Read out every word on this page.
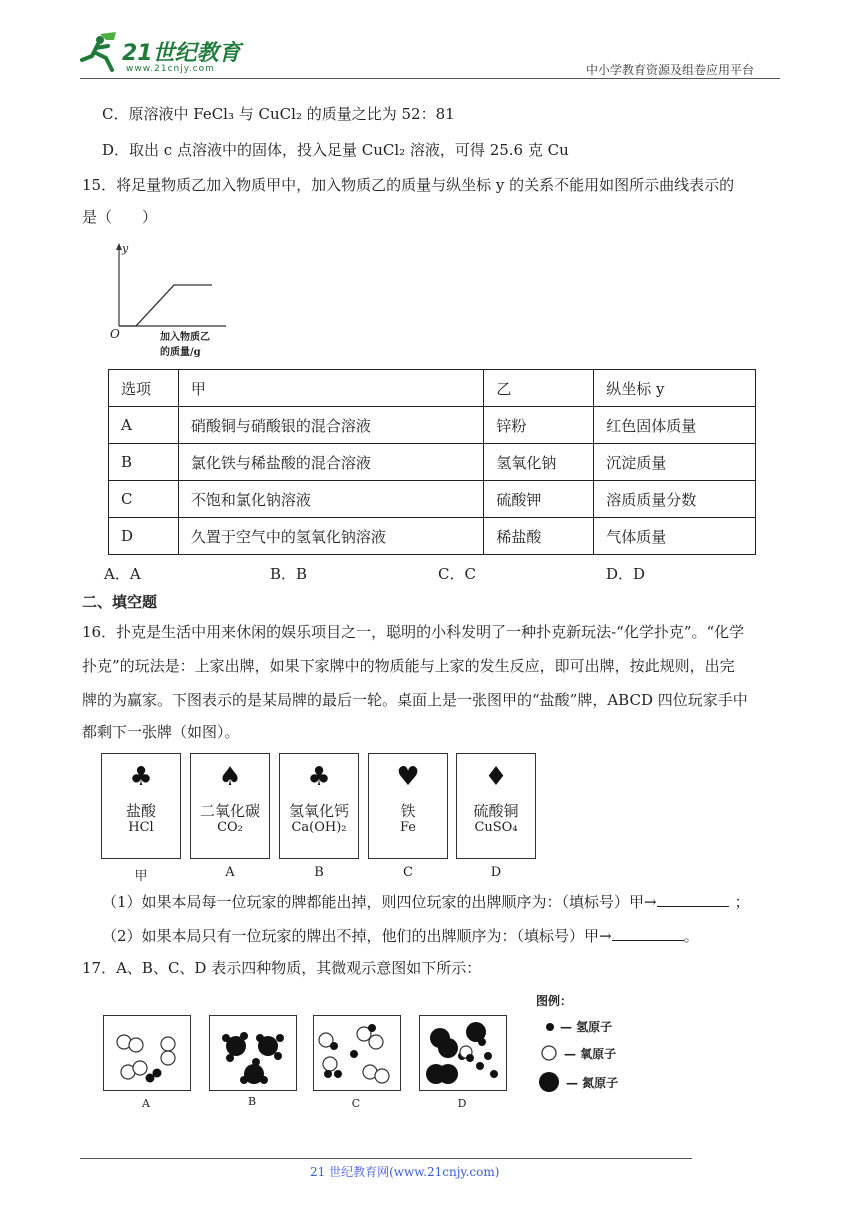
21世纪教育
www.21cnjy.com	中小学教育资源及组卷应用平台
C．原溶液中 FeCl₃ 与 CuCl₂ 的质量之比为 52：81
D．取出 c 点溶液中的固体，投入足量 CuCl₂ 溶液，可得 25.6 克 Cu
15．将足量物质乙加入物质甲中，加入物质乙的质量与纵坐标 y 的关系不能用如图所示曲线表示的
是（　　）
y
O	加入物质乙
的质量/g
选项	甲	乙	纵坐标 y
A	硝酸铜与硝酸银的混合溶液	锌粉	红色固体质量
B	氯化铁与稀盐酸的混合溶液	氢氧化钠	沉淀质量
C	不饱和氯化钠溶液	硫酸钾	溶质质量分数
D	久置于空气中的氢氧化钠溶液	稀盐酸	气体质量
A．A	B．B	C．C	D．D
二、填空题
16．扑克是生活中用来休闲的娱乐项目之一，聪明的小科发明了一种扑克新玩法-“化学扑克”。“化学
扑克”的玩法是：上家出牌，如果下家牌中的物质能与上家的发生反应，即可出牌，按此规则，出完
牌的为赢家。下图表示的是某局牌的最后一轮。桌面上是一张图甲的“盐酸”牌，ABCD 四位玩家手中
都剩下一张牌（如图）。
♣
盐酸
HCl
♠
二氧化碳
CO₂
♣
氢氧化钙
Ca(OH)₂
♥
铁
Fe
♦
硫酸铜
CuSO₄
甲	A	B	C	D
（1）如果本局每一位玩家的牌都能出掉，则四位玩家的出牌顺序为：（填标号）甲→	；
（2）如果本局只有一位玩家的牌出不掉，他们的出牌顺序为：（填标号）甲→	。
17．A、B、C、D 表示四种物质，其微观示意图如下所示：
A	B	C	D
图例：
— 氢原子
— 氧原子
— 氮原子
21 世纪教育网(www.21cnjy.com)
